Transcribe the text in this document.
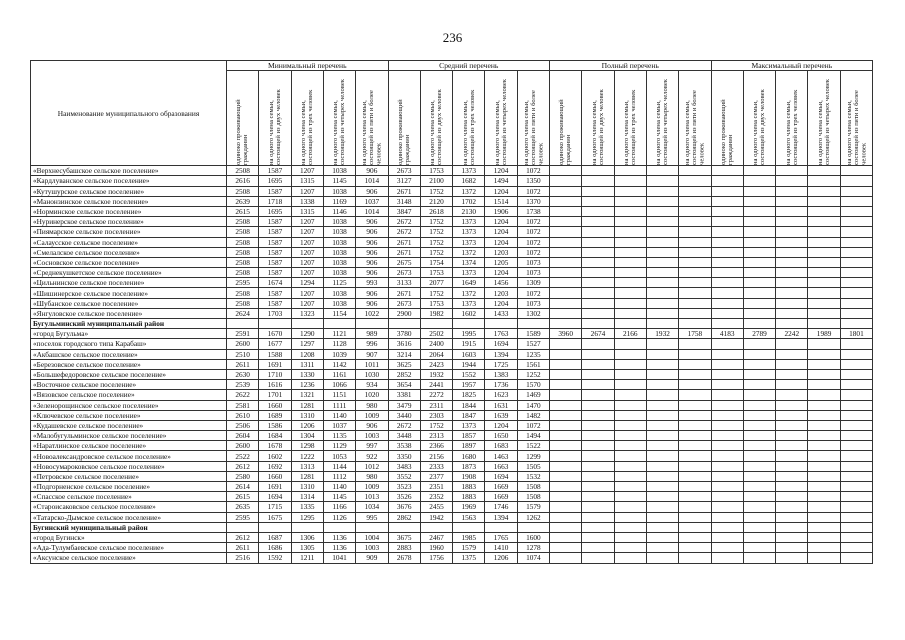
236
Наименование муниципального образования	Минимальный перечень					Средний перечень					Полный перечень					Максимальный перечень				

	одиноко проживающий гражданин	на одного члена семьи, состоящей из двух человек	на одного члена семьи, состоящей из трех человек	на одного члена семьи, состоящей из четырех человек	на одного члена семьи, состоящей из пяти и более человек	одиноко проживающий гражданин	на одного члена семьи, состоящей из двух человек	на одного члена семьи, состоящей из трех человек	на одного члена семьи, состоящей из четырех человек	на одного члена семьи, состоящей из пяти и более человек	одиноко проживающий гражданин	на одного члена семьи, состоящей из двух человек	на одного члена семьи, состоящей из трех человек	на одного члена семьи, состоящей из четырех человек	на одного члена семьи, состоящей из пяти и более человек	одиноко проживающий гражданин	на одного члена семьи, состоящей из двух человек	на одного члена семьи, состоящей из трех человек	на одного члена семьи, состоящей из четырех человек	на одного члена семьи, состоящей из пяти и более человек

«Верхнесубашское сельское поселение»	2508	1587	1207	1038	906	2673	1753	1373	1204	1072										
«Кардлуванское сельское поселение»	2616	1695	1315	1145	1014	3127	2100	1682	1494	1350										
«Кутушурское сельское поселение»	2508	1587	1207	1038	906	2671	1752	1372	1204	1072										
«Манонзинское сельское поселение»	2639	1718	1338	1169	1037	3148	2120	1702	1514	1370										
«Норминское сельское поселение»	2615	1695	1315	1146	1014	3847	2618	2130	1906	1738										
«Нуринерское сельское поселение»	2508	1587	1207	1038	906	2672	1752	1373	1204	1072										
«Пиямарское сельское поселение»	2508	1587	1207	1038	906	2672	1752	1373	1204	1072										
«Салаусское сельское поселение»	2508	1587	1207	1038	906	2671	1752	1373	1204	1072										
«Смелалское сельское поселение»	2508	1587	1207	1038	906	2671	1752	1372	1203	1072										
«Сосновское сельское поселение»	2508	1587	1207	1038	906	2675	1754	1374	1205	1073										
«Среднекушкетское сельское поселение»	2508	1587	1207	1038	906	2673	1753	1373	1204	1073										
«Цильнинское сельское поселение»	2595	1674	1294	1125	993	3133	2077	1649	1456	1309										
«Шишинерское сельское поселение»	2508	1587	1207	1038	906	2671	1752	1372	1203	1072										
«Шубанское сельское поселение»	2508	1587	1207	1038	906	2673	1753	1373	1204	1073										
«Янгуловское сельское поселение»	2624	1703	1323	1154	1022	2900	1982	1602	1433	1302										
Бугульминский муниципальный район																				
«город Бугульма»	2591	1670	1290	1121	989	3780	2502	1995	1763	1589	3960	2674	2166	1932	1758	4183	2789	2242	1989	1801
«поселок городского типа Карабаш»	2600	1677	1297	1128	996	3616	2400	1915	1694	1527										
«Акбашское сельское поселение»	2510	1588	1208	1039	907	3214	2064	1603	1394	1235										
«Березовское сельское поселение»	2611	1691	1311	1142	1011	3625	2423	1944	1725	1561										
«Большефедоровское сельское поселение»	2630	1710	1330	1161	1030	2852	1932	1552	1383	1252										
«Восточное сельское поселение»	2539	1616	1236	1066	934	3654	2441	1957	1736	1570										
«Вязовское сельское поселение»	2622	1701	1321	1151	1020	3381	2272	1825	1623	1469										
«Зеленорощинское сельское поселение»	2581	1660	1281	1111	980	3479	2311	1844	1631	1470										
«Ключевское сельское поселение»	2610	1689	1310	1140	1009	3440	2303	1847	1639	1482										
«Кудашевское сельское поселение»	2506	1586	1206	1037	906	2672	1752	1373	1204	1072										
«Малобугульминское сельское поселение»	2604	1684	1304	1135	1003	3448	2313	1857	1650	1494										
«Наратлинское сельское поселение»	2600	1678	1298	1129	997	3538	2366	1897	1683	1522										
«Новоалександровское сельское поселение»	2522	1602	1222	1053	922	3350	2156	1680	1463	1299										
«Новосумароковское сельское поселение»	2612	1692	1313	1144	1012	3483	2333	1873	1663	1505										
«Петровское сельское поселение»	2580	1660	1281	1112	980	3552	2377	1908	1694	1532										
«Подгорненское сельское поселение»	2614	1691	1310	1140	1009	3523	2351	1883	1669	1508										
«Спасское сельское поселение»	2615	1694	1314	1145	1013	3526	2352	1883	1669	1508										
«Староисаковское сельское поселение»	2635	1715	1335	1166	1034	3676	2455	1969	1746	1579										
«Татарско-Дымское сельское поселение»	2595	1675	1295	1126	995	2862	1942	1563	1394	1262										
Бугинский муниципальный район																				
«город Бугинск»	2612	1687	1306	1136	1004	3675	2467	1985	1765	1600										
«Ада-Тулумбаевское сельское поселение»	2611	1686	1305	1136	1003	2883	1960	1579	1410	1278										
«Аксунское сельское поселение»	2516	1592	1211	1041	909	2678	1756	1375	1206	1074										
